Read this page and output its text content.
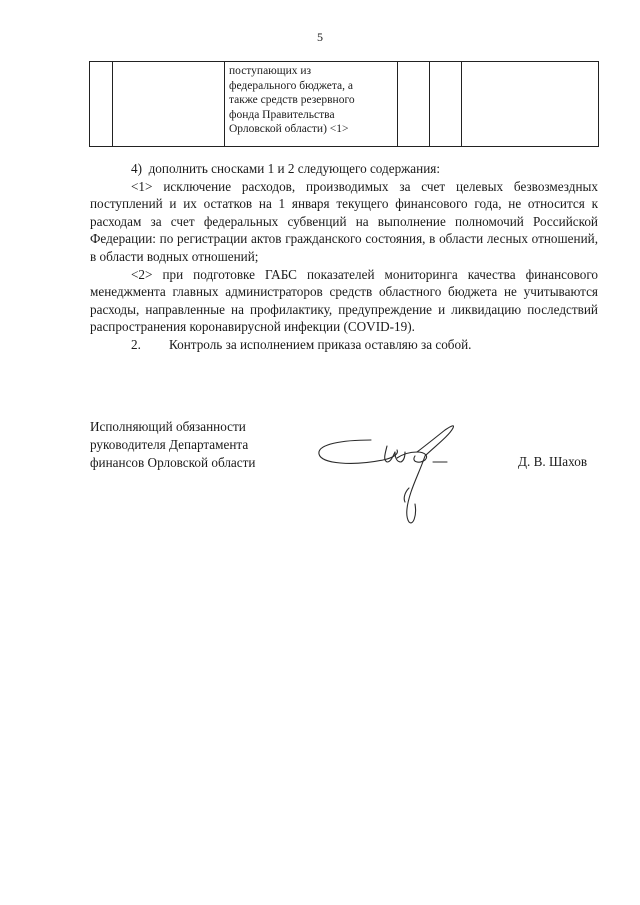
5

поступающих из
федерального бюджета, а
также средств резервного
фонда Правительства
Орловской области) <1>

4)  дополнить сносками 1 и 2 следующего содержания:

<1> исключение расходов, производимых за счет целевых безвозмездных поступлений и их остатков на 1 января текущего финансового года, не относится к расходам за счет федеральных субвенций на выполнение полномочий Российской Федерации: по регистрации актов гражданского состояния, в области лесных отношений, в области водных отношений;

<2> при подготовке ГАБС показателей мониторинга качества финансового менеджмента главных администраторов средств областного бюджета не учитываются расходы, направленные на профилактику, предупреждение и ликвидацию последствий распространения коронавирусной инфекции (COVID-19).

2. Контроль за исполнением приказа оставляю за собой.

Исполняющий обязанности
руководителя Департамента
финансов Орловской области	Д. В. Шахов
